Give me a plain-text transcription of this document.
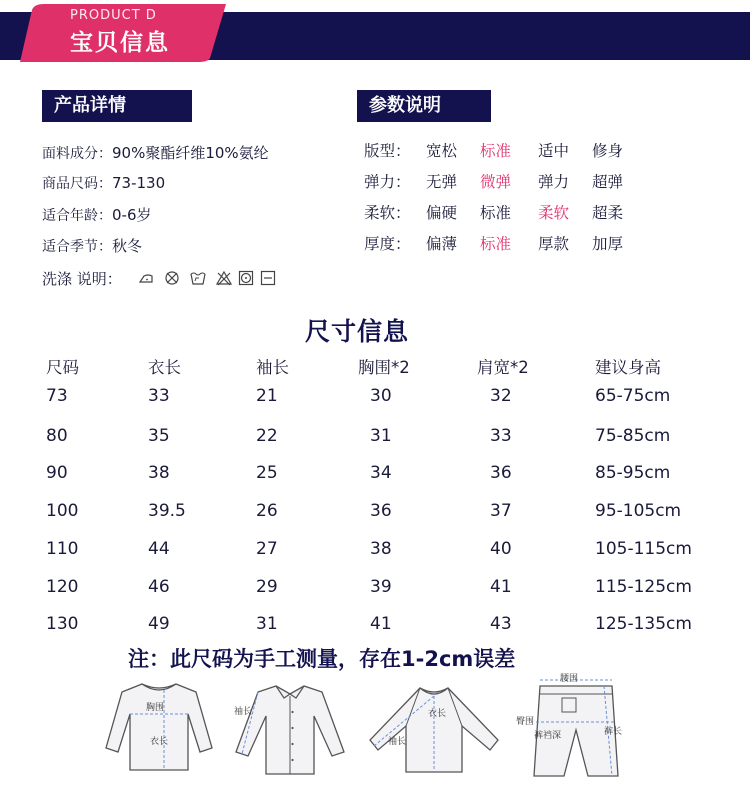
PRODUCT D
宝贝信息
产品详情
面料成分：90%聚酯纤维10%氨纶
商品尺码：73-130
适合年龄：0-6岁
适合季节：秋冬
洗涤 说明：
参数说明
版型： 宽松 标准 适中 修身
弹力： 无弹 微弹 弹力 超弹
柔软： 偏硬 标准 柔软 超柔
厚度： 偏薄 标准 厚款 加厚
尺寸信息
尺码	衣长	袖长	胸围*2	肩宽*2	建议身高
73	33	21	30	32	65-75cm
80	35	22	31	33	75-85cm
90	38	25	34	36	85-95cm
100	39.5	26	36	37	95-105cm
110	44	27	38	40	105-115cm
120	46	29	39	41	115-125cm
130	49	31	41	43	125-135cm
注：此尺码为手工测量，存在1-2cm误差
胸围
衣长
袖长	衣长
袖长
腰围
臀围
裤裆深	裤长
